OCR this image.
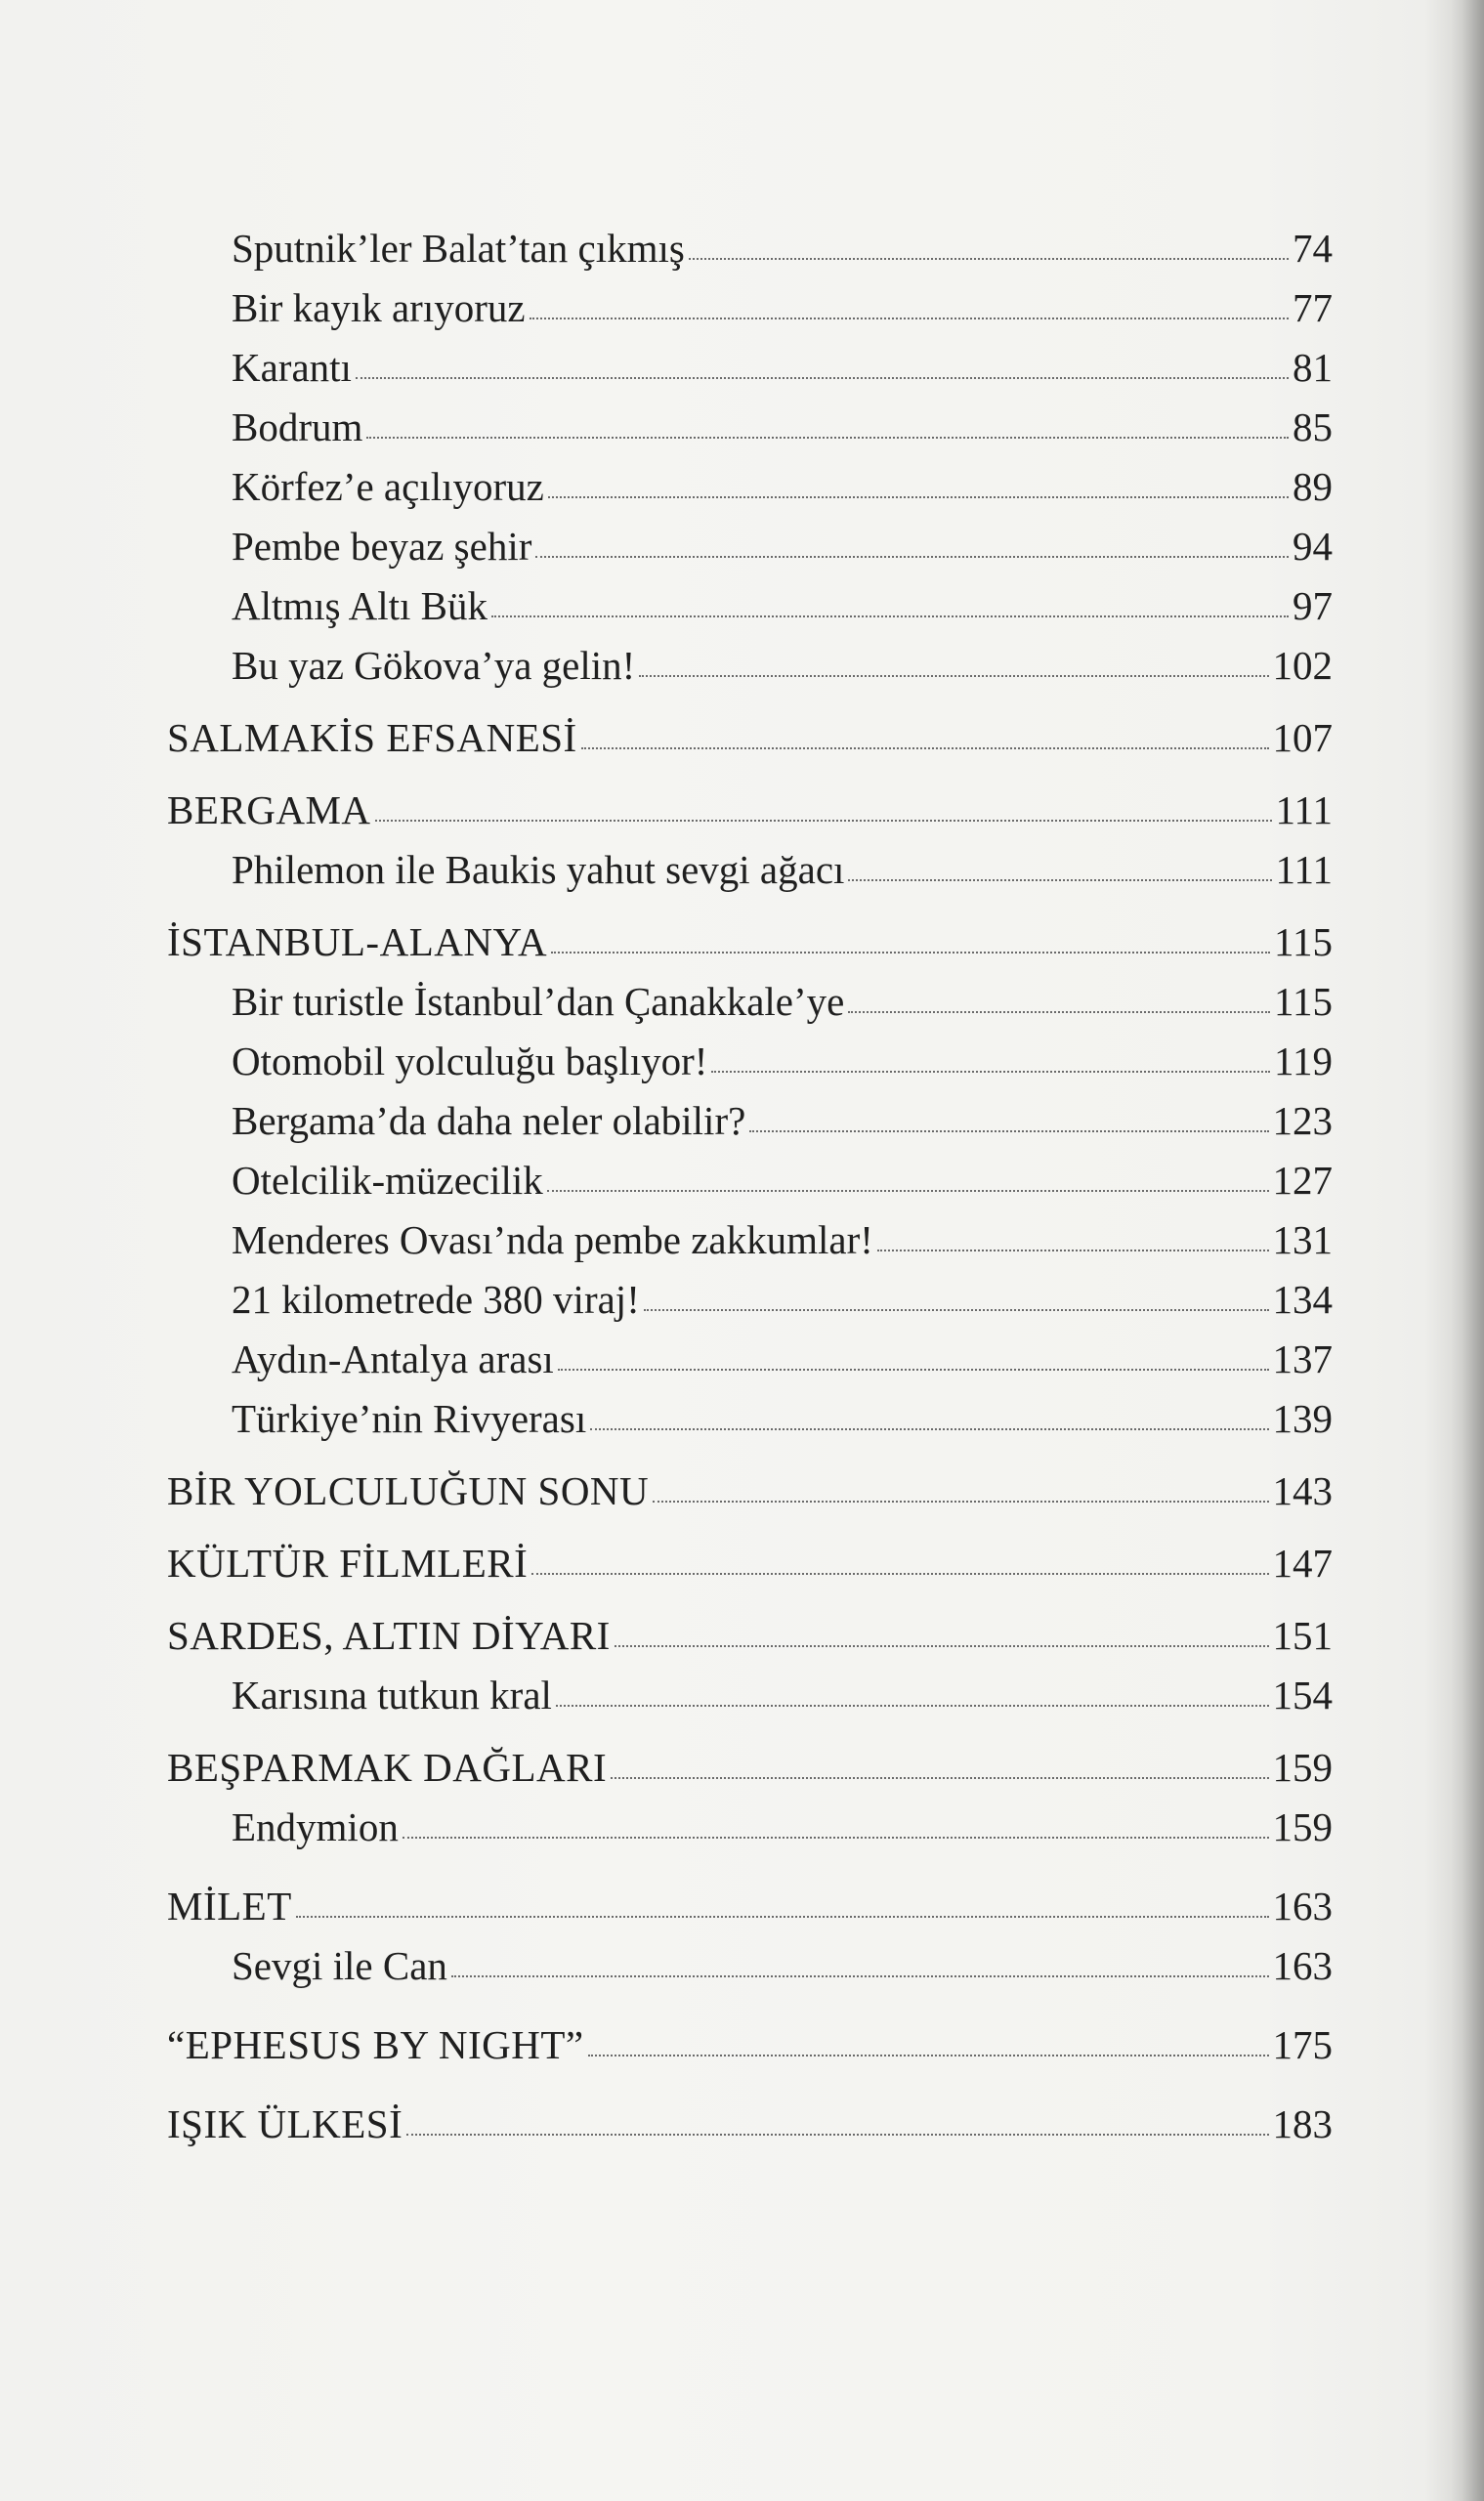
Sputnik’ler Balat’tan çıkmış	74
Bir kayık arıyoruz	77
Karantı	81
Bodrum	85
Körfez’e açılıyoruz	89
Pembe beyaz şehir	94
Altmış Altı Bük	97
Bu yaz Gökova’ya gelin!	102
SALMAKİS EFSANESİ	107
BERGAMA	111
Philemon ile Baukis yahut sevgi ağacı	111
İSTANBUL-ALANYA	115
Bir turistle İstanbul’dan Çanakkale’ye	115
Otomobil yolculuğu başlıyor!	119
Bergama’da daha neler olabilir?	123
Otelcilik-müzecilik	127
Menderes Ovası’nda pembe zakkumlar!	131
21 kilometrede 380 viraj!	134
Aydın-Antalya arası	137
Türkiye’nin Rivyerası	139
BİR YOLCULUĞUN SONU	143
KÜLTÜR FİLMLERİ	147
SARDES, ALTIN DİYARI	151
Karısına tutkun kral	154
BEŞPARMAK DAĞLARI	159
Endymion	159
MİLET	163
Sevgi ile Can	163
“EPHESUS BY NIGHT”	175
IŞIK ÜLKESİ	183
